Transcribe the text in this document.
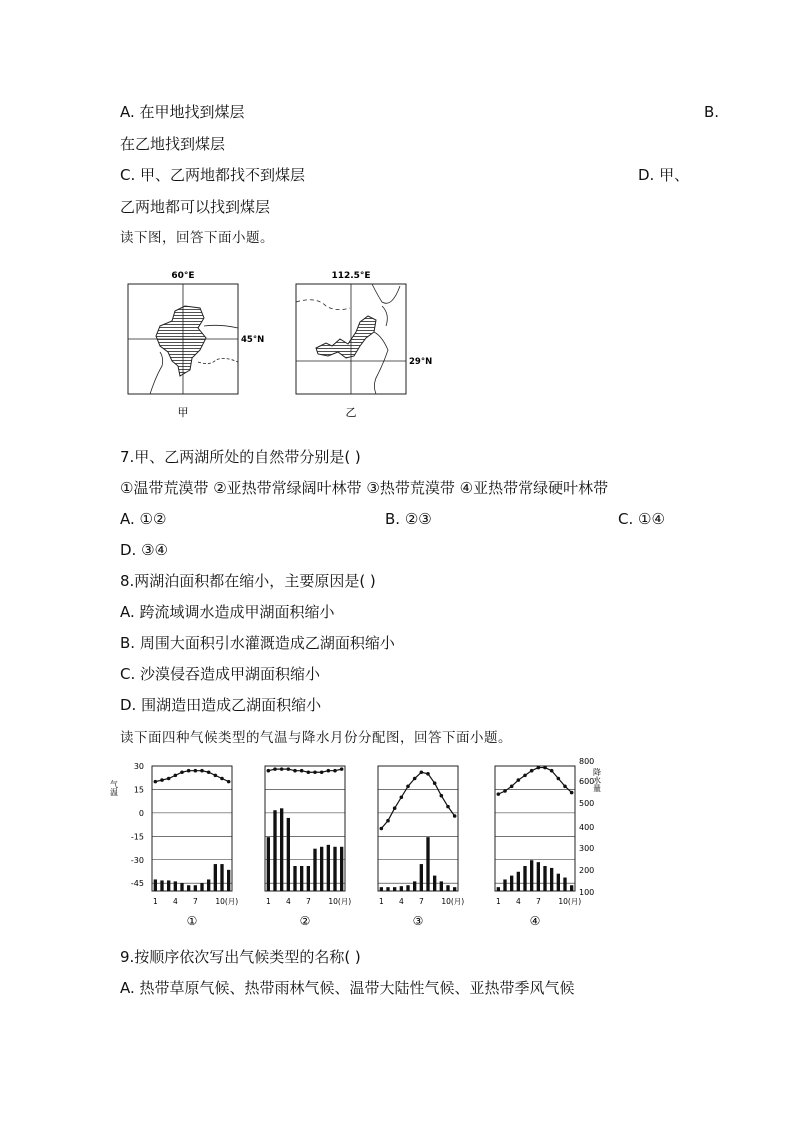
A. 在甲地找到煤层	B.
在乙地找到煤层
C. 甲、乙两地都找不到煤层	D. 甲、
乙两地都可以找到煤层
读下图，回答下面小题。
60°E
45°N
甲
112.5°E
29°N
乙
7.甲、乙两湖所处的自然带分别是( )
①温带荒漠带 ②亚热带常绿阔叶林带 ③热带荒漠带 ④亚热带常绿硬叶林带
A. ①②	B. ②③	C. ①④
D. ③④
8.两湖泊面积都在缩小，主要原因是( )
A. 跨流域调水造成甲湖面积缩小
B. 周围大面积引水灌溉造成乙湖面积缩小
C. 沙漠侵吞造成甲湖面积缩小
D. 围湖造田造成乙湖面积缩小
读下面四种气候类型的气温与降水月份分配图，回答下面小题。
气温
30
15
0
-15
-30
-45
800
600
500
400
300
200
100
降水量
1 4 7 10(月)
①
1 4 7 10(月)
②
1 4 7 10(月)
③
1 4 7 10(月)
④
9.按顺序依次写出气候类型的名称( )
A. 热带草原气候、热带雨林气候、温带大陆性气候、亚热带季风气候
